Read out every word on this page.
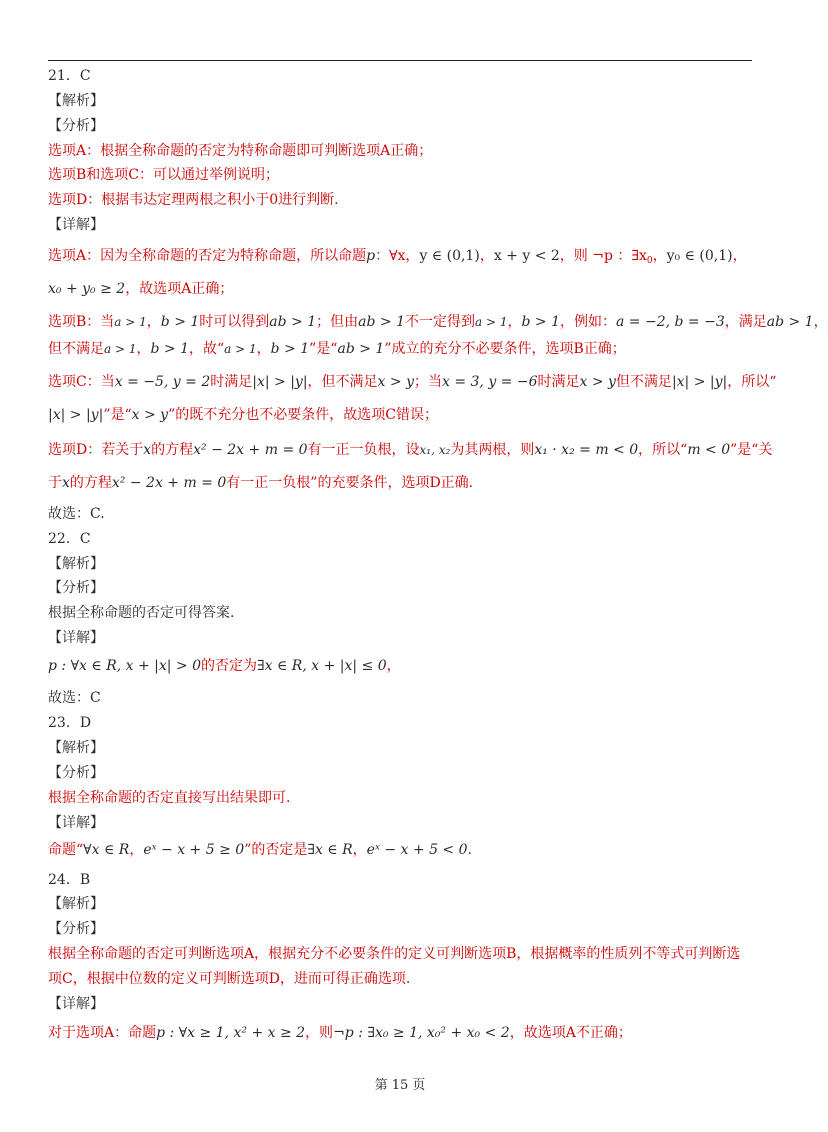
21．C
【解析】
【分析】
选项A：根据全称命题的否定为特称命题即可判断选项A正确；
选项B和选项C：可以通过举例说明；
选项D：根据韦达定理两根之积小于0进行判断.
【详解】
选项A：因为全称命题的否定为特称命题，所以命题p：∀x，y ∈ (0,1)，x + y < 2，则 ¬p ：$\exists x_0$，y₀ ∈ (0,1)，
x₀ + y₀ ≥ 2，故选项A正确；
选项B：当a > 1，b > 1时可以得到ab > 1；但由ab > 1不一定得到a > 1，b > 1，例如：a = −2, b = −3，满足ab > 1，
但不满足a > 1，b > 1，故“a > 1，b > 1”是“ab > 1”成立的充分不必要条件，选项B正确；
选项C：当x = −5, y = 2时满足|x| > |y|，但不满足x > y；当x = 3, y = −6时满足x > y但不满足|x| > |y|，所以“
|x| > |y|”是“x > y”的既不充分也不必要条件，故选项C错误；
选项D：若关于x的方程x² − 2x + m = 0有一正一负根，设x₁, x₂为其两根，则x₁ · x₂ = m < 0，所以“m < 0”是“关
于x的方程x² − 2x + m = 0有一正一负根”的充要条件，选项D正确.
故选：C.
22．C
【解析】
【分析】
根据全称命题的否定可得答案.
【详解】
p : ∀x ∈ R, x + |x| > 0的否定为∃x ∈ R, x + |x| ≤ 0，
故选：C
23．D
【解析】
【分析】
根据全称命题的否定直接写出结果即可.
【详解】
命题“∀x ∈ R，eˣ − x + 5 ≥ 0”的否定是∃x ∈ R，eˣ − x + 5 < 0.
24．B
【解析】
【分析】
根据全称命题的否定可判断选项A，根据充分不必要条件的定义可判断选项B，根据概率的性质列不等式可判断选
项C，根据中位数的定义可判断选项D，进而可得正确选项.
【详解】
对于选项A：命题p : ∀x ≥ 1, x² + x ≥ 2，则¬p : ∃x₀ ≥ 1, x₀² + x₀ < 2，故选项A不正确；
第 15 页
